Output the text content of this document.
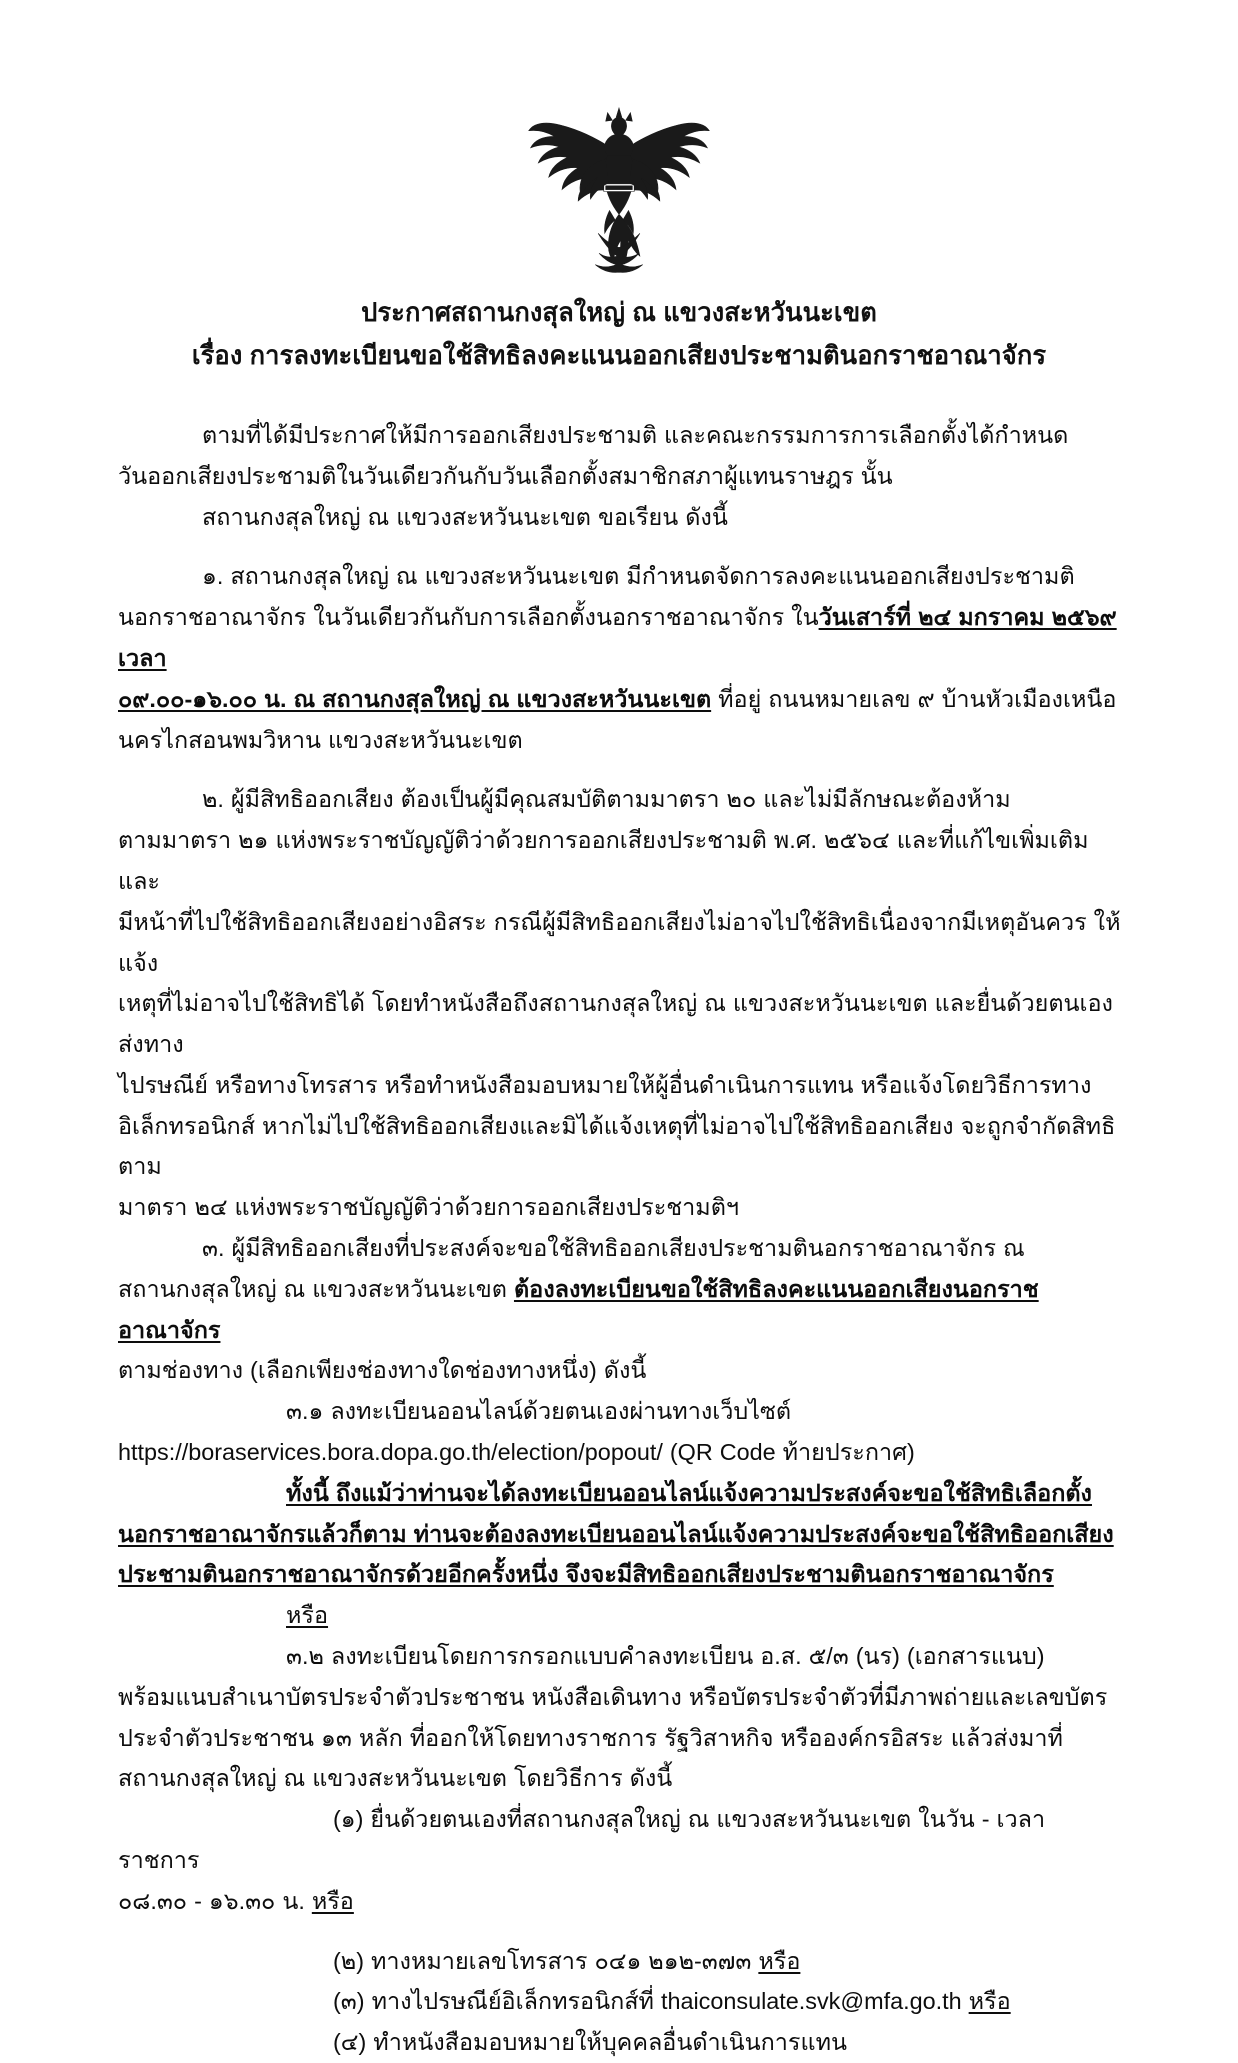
ประกาศสถานกงสุลใหญ่ ณ แขวงสะหวันนะเขต
เรื่อง การลงทะเบียนขอใช้สิทธิลงคะแนนออกเสียงประชามตินอกราชอาณาจักร

ตามที่ได้มีประกาศให้มีการออกเสียงประชามติ และคณะกรรมการการเลือกตั้งได้กำหนด

วันออกเสียงประชามติในวันเดียวกันกับวันเลือกตั้งสมาชิกสภาผู้แทนราษฎร นั้น

สถานกงสุลใหญ่ ณ แขวงสะหวันนะเขต ขอเรียน ดังนี้

๑. สถานกงสุลใหญ่ ณ แขวงสะหวันนะเขต มีกำหนดจัดการลงคะแนนออกเสียงประชามติ

นอกราชอาณาจักร ในวันเดียวกันกับการเลือกตั้งนอกราชอาณาจักร ในวันเสาร์ที่ ๒๔ มกราคม ๒๕๖๙ เวลา

๐๙.๐๐-๑๖.๐๐ น. ณ สถานกงสุลใหญ่ ณ แขวงสะหวันนะเขต ที่อยู่ ถนนหมายเลข ๙ บ้านหัวเมืองเหนือ

นครไกสอนพมวิหาน แขวงสะหวันนะเขต

๒. ผู้มีสิทธิออกเสียง ต้องเป็นผู้มีคุณสมบัติตามมาตรา ๒๐ และไม่มีลักษณะต้องห้าม

ตามมาตรา ๒๑ แห่งพระราชบัญญัติว่าด้วยการออกเสียงประชามติ พ.ศ. ๒๕๖๔ และที่แก้ไขเพิ่มเติม และ

มีหน้าที่ไปใช้สิทธิออกเสียงอย่างอิสระ กรณีผู้มีสิทธิออกเสียงไม่อาจไปใช้สิทธิเนื่องจากมีเหตุอันควร ให้แจ้ง

เหตุที่ไม่อาจไปใช้สิทธิได้ โดยทำหนังสือถึงสถานกงสุลใหญ่ ณ แขวงสะหวันนะเขต และยื่นด้วยตนเอง ส่งทาง

ไปรษณีย์ หรือทางโทรสาร หรือทำหนังสือมอบหมายให้ผู้อื่นดำเนินการแทน หรือแจ้งโดยวิธีการทาง

อิเล็กทรอนิกส์ หากไม่ไปใช้สิทธิออกเสียงและมิได้แจ้งเหตุที่ไม่อาจไปใช้สิทธิออกเสียง จะถูกจำกัดสิทธิตาม

มาตรา ๒๔ แห่งพระราชบัญญัติว่าด้วยการออกเสียงประชามติฯ

๓. ผู้มีสิทธิออกเสียงที่ประสงค์จะขอใช้สิทธิออกเสียงประชามตินอกราชอาณาจักร ณ

สถานกงสุลใหญ่ ณ แขวงสะหวันนะเขต ต้องลงทะเบียนขอใช้สิทธิลงคะแนนออกเสียงนอกราชอาณาจักร

ตามช่องทาง (เลือกเพียงช่องทางใดช่องทางหนึ่ง) ดังนี้

๓.๑ ลงทะเบียนออนไลน์ด้วยตนเองผ่านทางเว็บไซต์

https://boraservices.bora.dopa.go.th/election/popout/ (QR Code ท้ายประกาศ)

ทั้งนี้ ถึงแม้ว่าท่านจะได้ลงทะเบียนออนไลน์แจ้งความประสงค์จะขอใช้สิทธิเลือกตั้ง

นอกราชอาณาจักรแล้วก็ตาม ท่านจะต้องลงทะเบียนออนไลน์แจ้งความประสงค์จะขอใช้สิทธิออกเสียง

ประชามตินอกราชอาณาจักรด้วยอีกครั้งหนึ่ง จึงจะมีสิทธิออกเสียงประชามตินอกราชอาณาจักร

หรือ

๓.๒ ลงทะเบียนโดยการกรอกแบบคำลงทะเบียน อ.ส. ๕/๓ (นร) (เอกสารแนบ)

พร้อมแนบสำเนาบัตรประจำตัวประชาชน หนังสือเดินทาง หรือบัตรประจำตัวที่มีภาพถ่ายและเลขบัตร

ประจำตัวประชาชน ๑๓ หลัก ที่ออกให้โดยทางราชการ รัฐวิสาหกิจ หรือองค์กรอิสระ แล้วส่งมาที่

สถานกงสุลใหญ่ ณ แขวงสะหวันนะเขต โดยวิธีการ ดังนี้

(๑) ยื่นด้วยตนเองที่สถานกงสุลใหญ่ ณ แขวงสะหวันนะเขต ในวัน - เวลาราชการ

๐๘.๓๐ - ๑๖.๓๐ น. หรือ

(๒) ทางหมายเลขโทรสาร ๐๔๑ ๒๑๒-๓๗๓ หรือ

(๓) ทางไปรษณีย์อิเล็กทรอนิกส์ที่ thaiconsulate.svk@mfa.go.th หรือ

(๔) ทำหนังสือมอบหมายให้บุคคลอื่นดำเนินการแทน
